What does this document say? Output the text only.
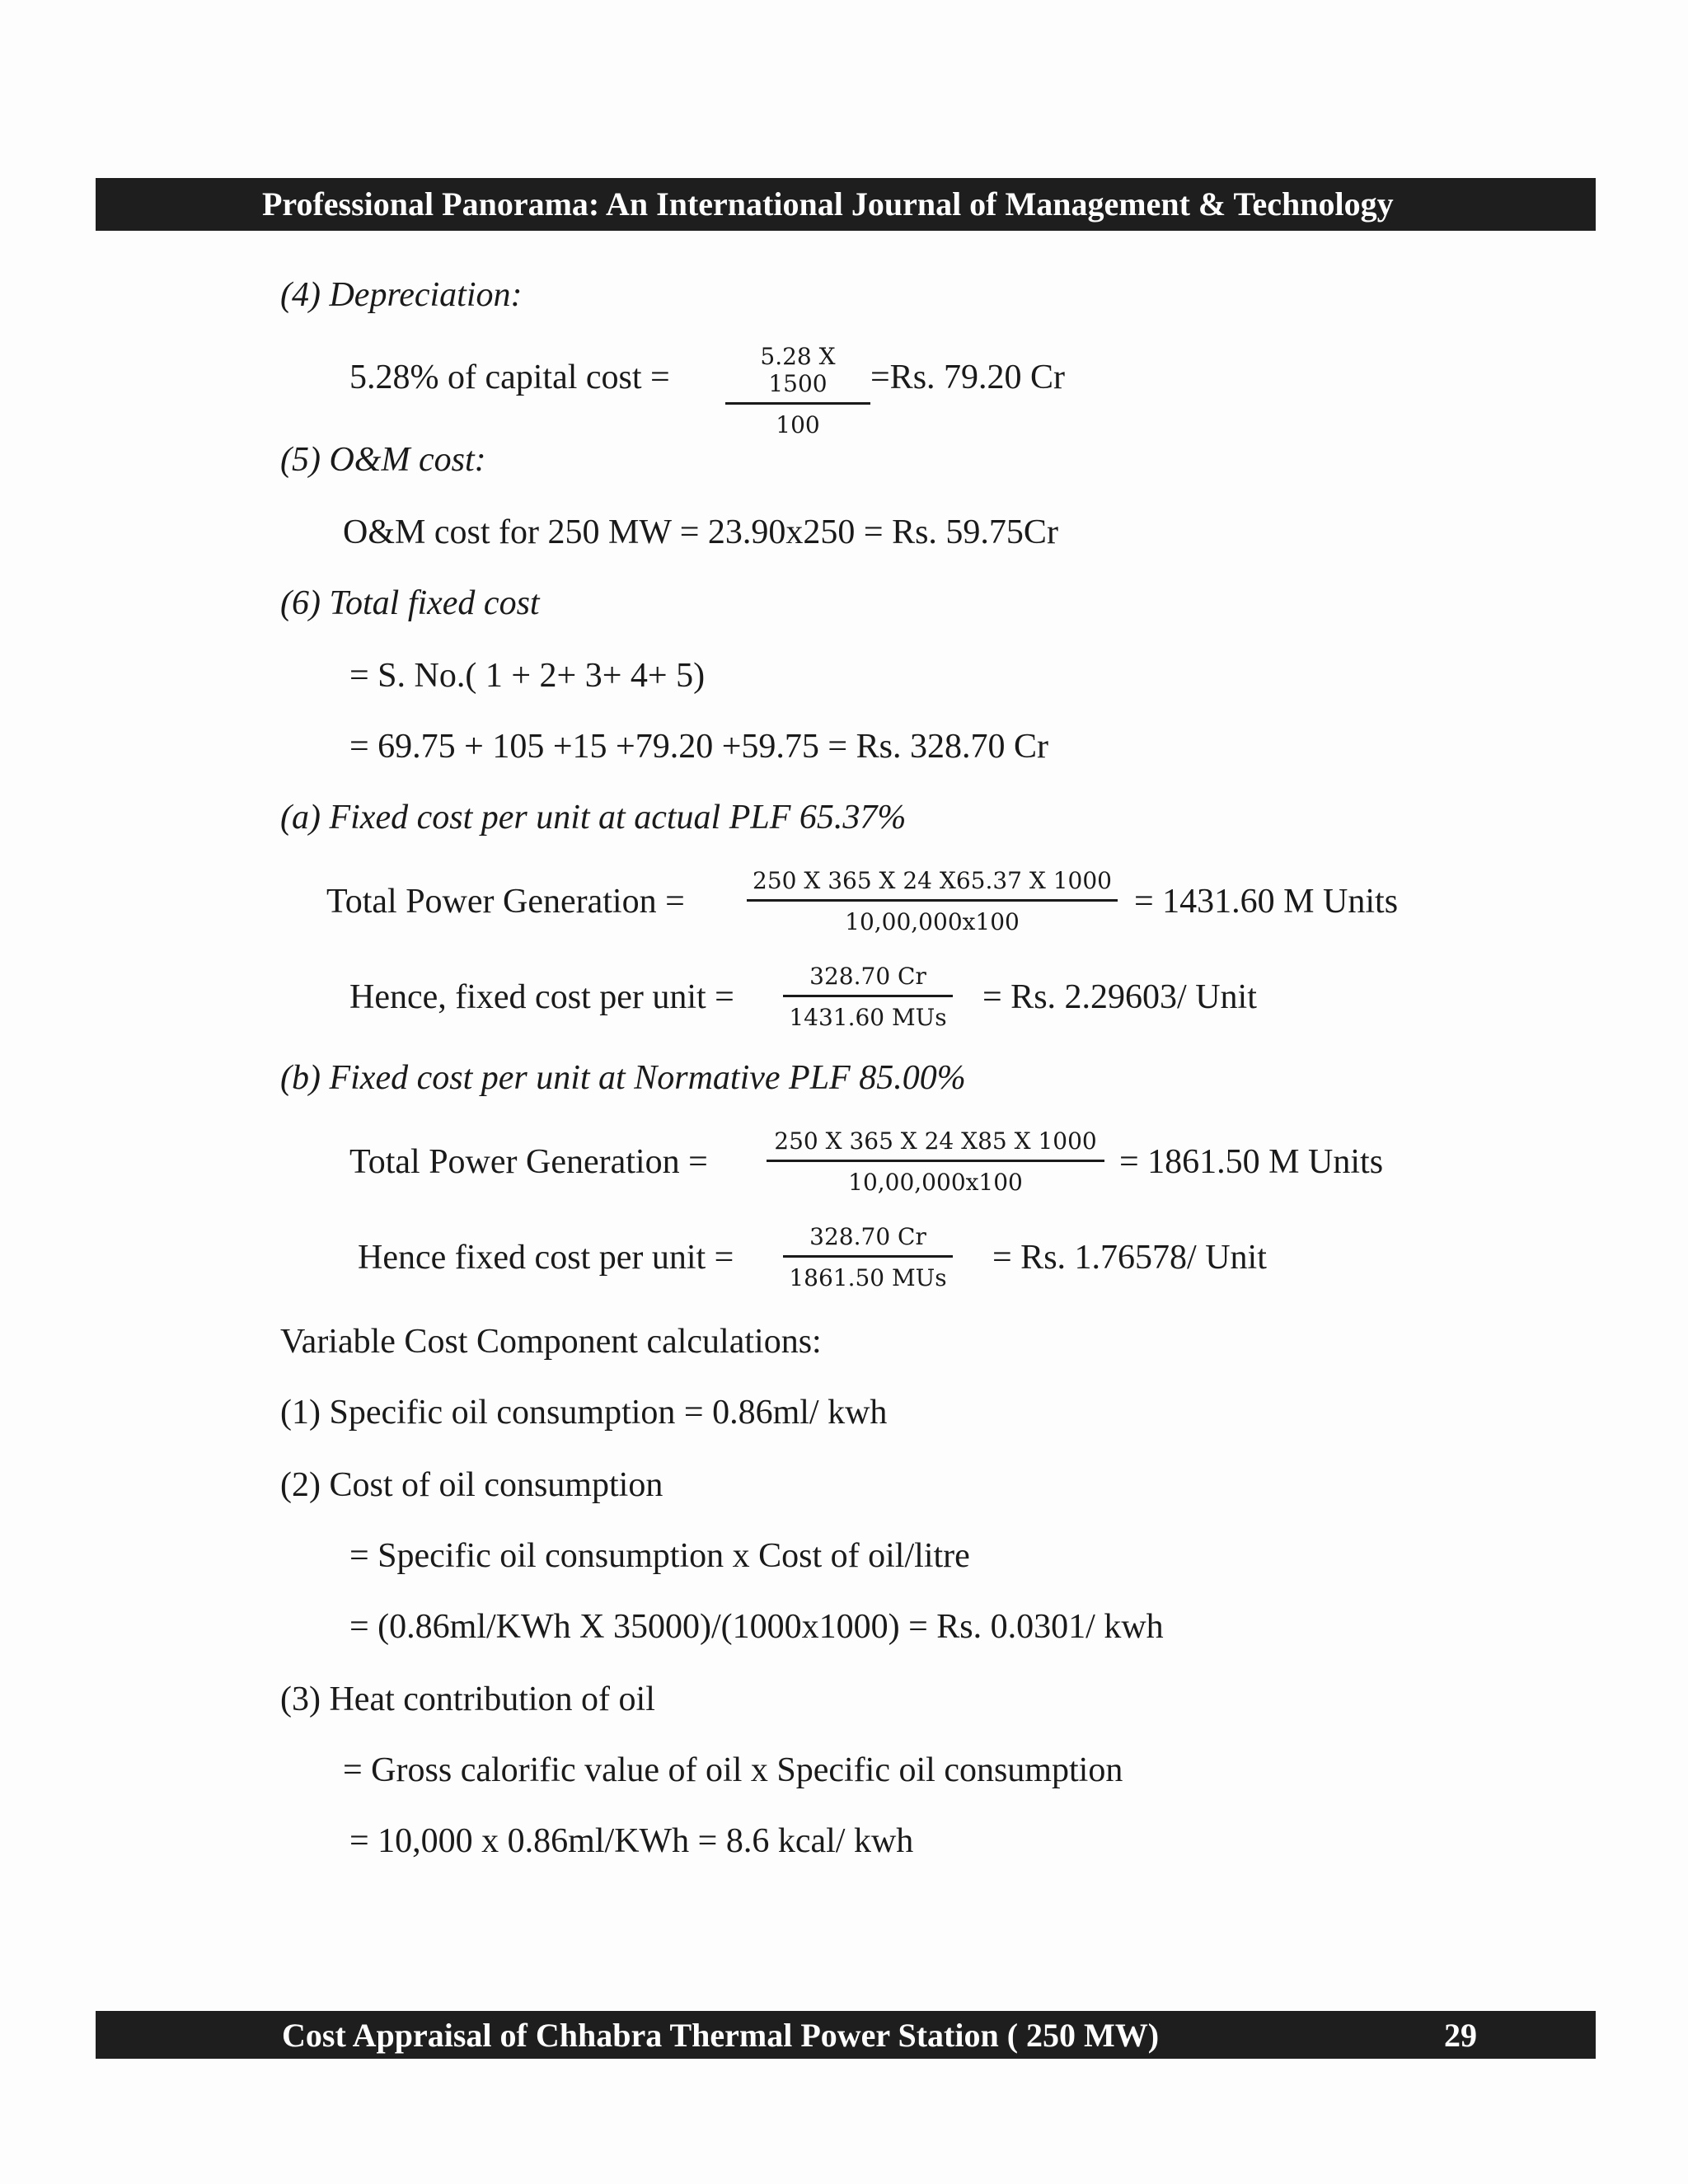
Professional Panorama: An International Journal of Management & Technology
(4) Depreciation:
5.28% of capital cost =
5.28 X 1500
100
=Rs. 79.20 Cr
(5) O&M cost:
O&M cost for 250 MW = 23.90x250 = Rs. 59.75Cr
(6) Total fixed cost
= S. No.( 1 + 2+ 3+ 4+ 5)
= 69.75 + 105 +15 +79.20 +59.75 = Rs. 328.70 Cr
(a) Fixed cost per unit at actual PLF 65.37%
Total Power Generation =
250 X 365 X 24 X65.37 X 1000
10,00,000x100
= 1431.60 M Units
Hence, fixed cost per unit =
328.70 Cr
1431.60 MUs
= Rs. 2.29603/ Unit
(b) Fixed cost per unit at Normative PLF 85.00%
Total Power Generation =
250 X 365 X 24 X85 X 1000
10,00,000x100
= 1861.50 M Units
Hence fixed cost per unit =
328.70 Cr
1861.50 MUs
= Rs. 1.76578/ Unit
Variable Cost Component calculations:
(1) Specific oil consumption = 0.86ml/ kwh
(2) Cost of oil consumption
= Specific oil consumption x Cost of oil/litre
= (0.86ml/KWh X 35000)/(1000x1000) = Rs. 0.0301/ kwh
(3) Heat contribution of oil
= Gross calorific value of oil x Specific oil consumption
= 10,000 x 0.86ml/KWh = 8.6 kcal/ kwh
Cost Appraisal of Chhabra Thermal Power Station ( 250 MW)	29
